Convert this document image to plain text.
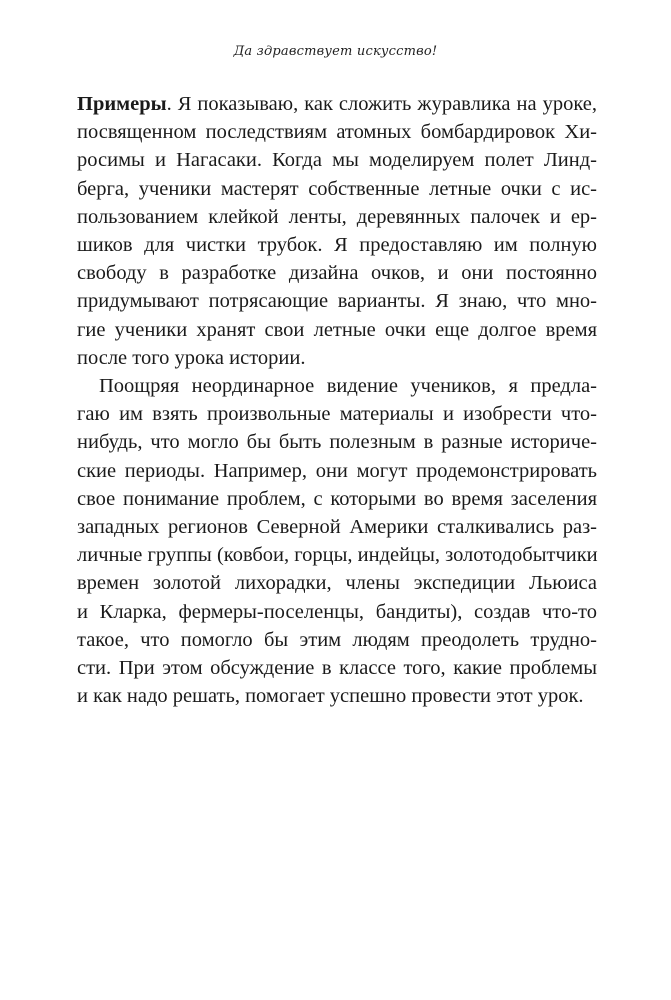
Да здравствует искусство!
Примеры. Я показываю, как сложить журавлика на уроке,
посвященном последствиям атомных бомбардировок Хи-
росимы и Нагасаки. Когда мы моделируем полет Линд-
берга, ученики мастерят собственные летные очки с ис-
пользованием клейкой ленты, деревянных палочек и ер-
шиков для чистки трубок. Я предоставляю им полную
свободу в разработке дизайна очков, и они постоянно
придумывают потрясающие варианты. Я знаю, что мно-
гие ученики хранят свои летные очки еще долгое время
после того урока истории.
Поощряя неординарное видение учеников, я предла-
гаю им взять произвольные материалы и изобрести что-
нибудь, что могло бы быть полезным в разные историче-
ские периоды. Например, они могут продемонстрировать
свое понимание проблем, с которыми во время заселения
западных регионов Северной Америки сталкивались раз-
личные группы (ковбои, горцы, индейцы, золотодобытчики
времен золотой лихорадки, члены экспедиции Льюиса
и Кларка, фермеры-поселенцы, бандиты), создав что-то
такое, что помогло бы этим людям преодолеть трудно-
сти. При этом обсуждение в классе того, какие проблемы
и как надо решать, помогает успешно провести этот урок.
